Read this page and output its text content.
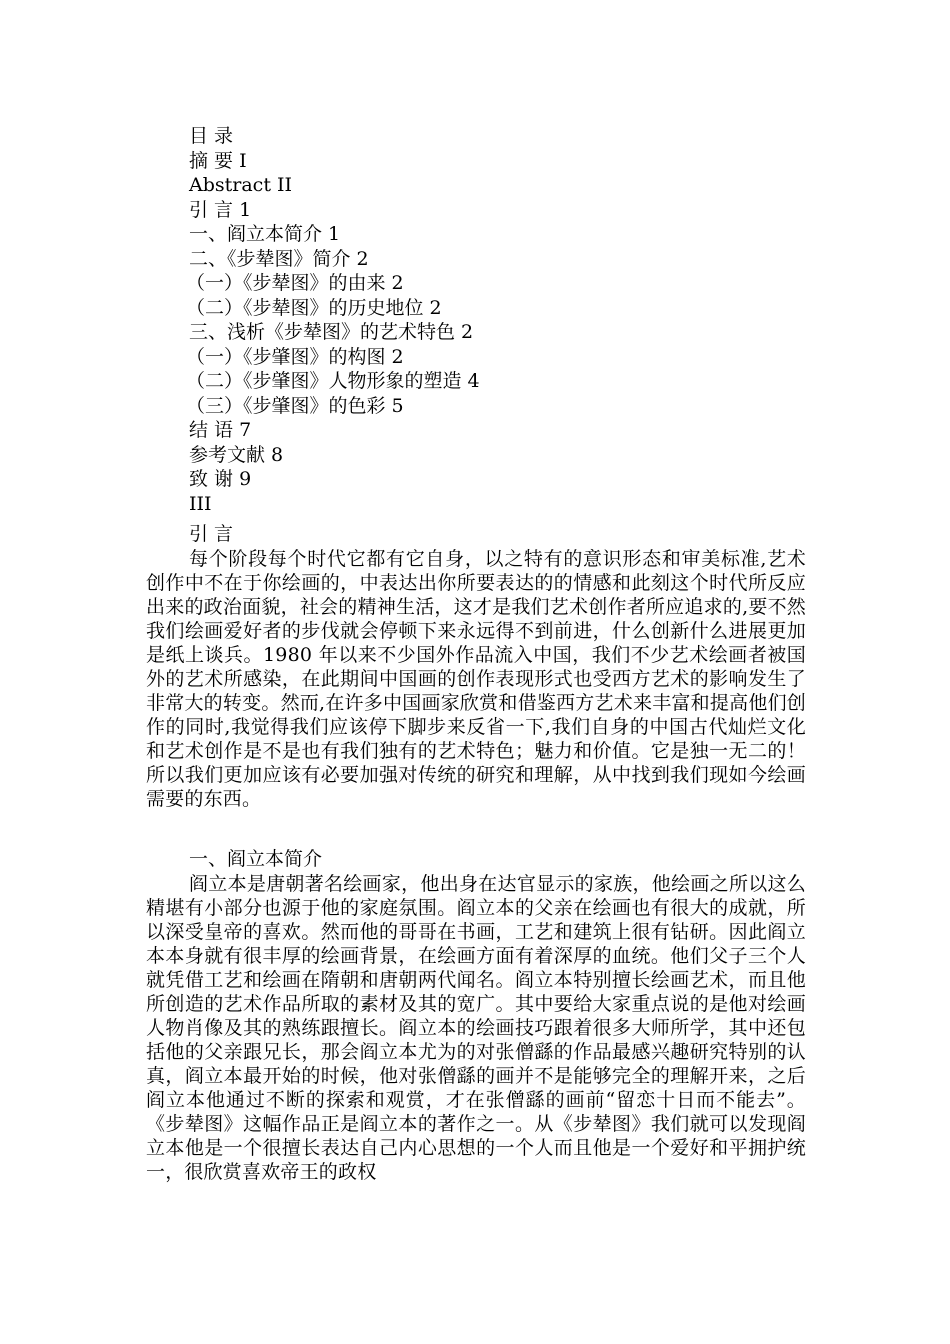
目 录

摘 要 I

Abstract II

引 言 1

一、阎立本简介 1

二、《步辇图》简介 2

（一）《步辇图》的由来 2

（二）《步辇图》的历史地位 2

三、浅析《步辇图》的艺术特色 2

（一）《步肇图》的构图 2

（二）《步肇图》人物形象的塑造 4

（三）《步肇图》的色彩 5

结 语 7

参考文献 8

致 谢 9

III

引 言

每个阶段每个时代它都有它自身，以之特有的意识形态和审美标准,艺术创作中不在于你绘画的，中表达出你所要表达的的情感和此刻这个时代所反应出来的政治面貌，社会的精神生活，这才是我们艺术创作者所应追求的,要不然我们绘画爱好者的步伐就会停顿下来永远得不到前进，什么创新什么进展更加是纸上谈兵。1980 年以来不少国外作品流入中国，我们不少艺术绘画者被国外的艺术所感染，在此期间中国画的创作表现形式也受西方艺术的影响发生了非常大的转变。然而,在许多中国画家欣赏和借鉴西方艺术来丰富和提高他们创作的同时,我觉得我们应该停下脚步来反省一下,我们自身的中国古代灿烂文化和艺术创作是不是也有我们独有的艺术特色；魅力和价值。它是独一无二的！所以我们更加应该有必要加强对传统的研究和理解，从中找到我们现如今绘画需要的东西。

一、阎立本简介

阎立本是唐朝著名绘画家，他出身在达官显示的家族，他绘画之所以这么精堪有小部分也源于他的家庭氛围。阎立本的父亲在绘画也有很大的成就，所以深受皇帝的喜欢。然而他的哥哥在书画，工艺和建筑上很有钻研。因此阎立本本身就有很丰厚的绘画背景，在绘画方面有着深厚的血统。他们父子三个人就凭借工艺和绘画在隋朝和唐朝两代闻名。阎立本特别擅长绘画艺术，而且他所创造的艺术作品所取的素材及其的宽广。其中要给大家重点说的是他对绘画人物肖像及其的熟练跟擅长。阎立本的绘画技巧跟着很多大师所学，其中还包括他的父亲跟兄长，那会阎立本尤为的对张僧繇的作品最感兴趣研究特别的认真，阎立本最开始的时候，他对张僧繇的画并不是能够完全的理解开来，之后阎立本他通过不断的探索和观赏，才在张僧繇的画前“留恋十日而不能去”。《步辇图》这幅作品正是阎立本的著作之一。从《步辇图》我们就可以发现阎立本他是一个很擅长表达自己内心思想的一个人而且他是一个爱好和平拥护统一，很欣赏喜欢帝王的政权
